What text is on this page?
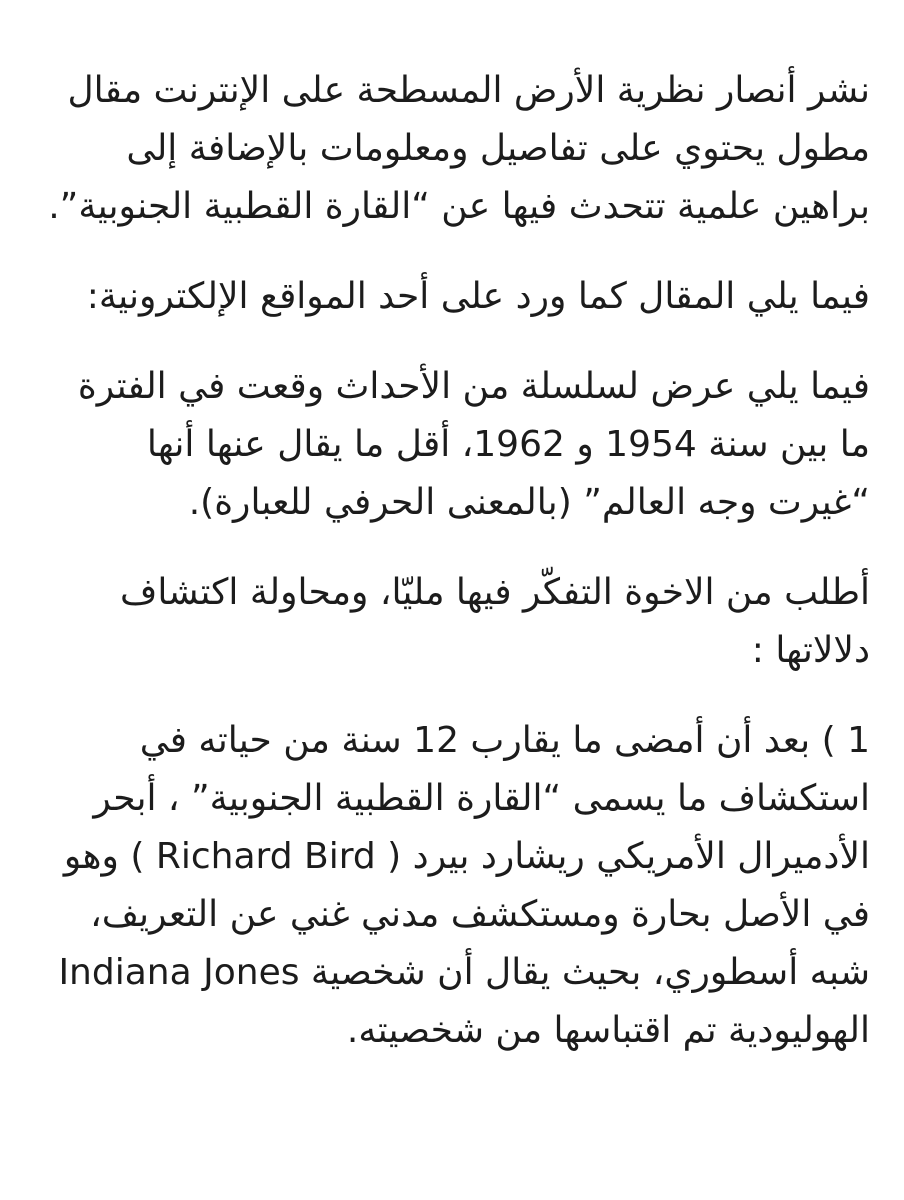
نشر أنصار نظرية الأرض المسطحة على الإنترنت مقال مطول يحتوي على تفاصيل ومعلومات بالإضافة إلى براهين علمية تتحدث فيها عن “القارة القطبية الجنوبية”.

فيما يلي المقال كما ورد على أحد المواقع الإلكترونية:

فيما يلي عرض لسلسلة من الأحداث وقعت في الفترة ما بين سنة 1954 و 1962، أقل ما يقال عنها أنها “غيرت وجه العالم” (بالمعنى الحرفي للعبارة).

أطلب من الاخوة التفكّر فيها مليّا، ومحاولة اكتشاف دلالاتها :

1 ) بعد أن أمضى ما يقارب 12 سنة من حياته في استكشاف ما يسمى “القارة القطبية الجنوبية” ، أبحر الأدميرال الأمريكي ريشارد بيرد ( Richard Bird ) وهو في الأصل بحارة ومستكشف مدني غني عن التعريف، شبه أسطوري، بحيث يقال أن شخصية Indiana Jones الهوليودية تم اقتباسها من شخصيته.
